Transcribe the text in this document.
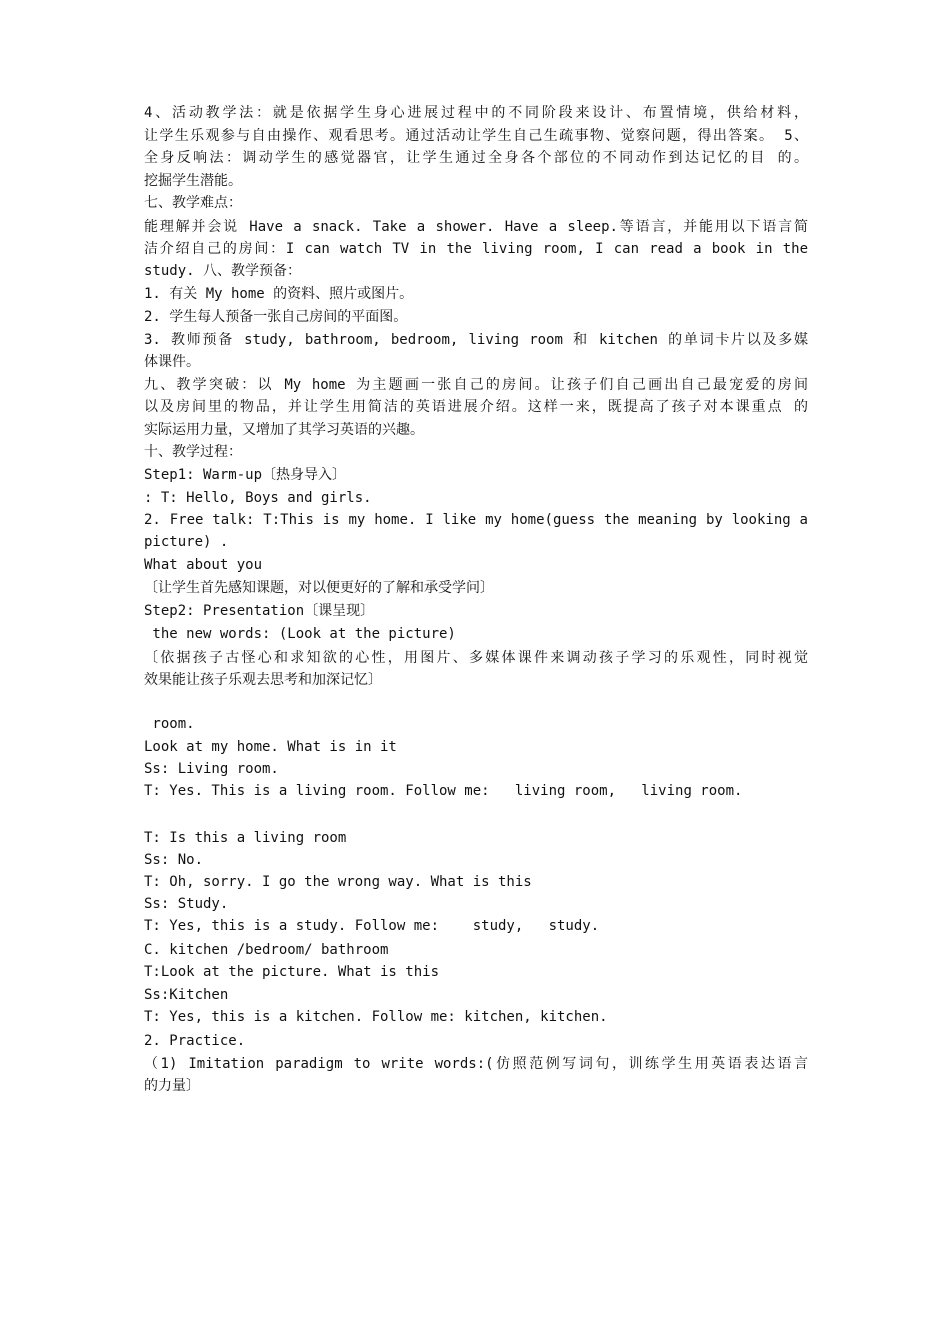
4、活动教学法：就是依据学生身心进展过程中的不同阶段来设计、布置情境，供给材料，
让学生乐观参与自由操作、观看思考。通过活动让学生自己生疏事物、觉察问题，得出答案。 5、
全身反响法：调动学生的感觉器官，让学生通过全身各个部位的不同动作到达记忆的目 的。
挖掘学生潜能。
七、教学难点：
能理解并会说 Have a snack. Take a shower. Have a sleep.等语言，并能用以下语言简
洁介绍自己的房间：I can watch TV in the living room, I can read a book in the
study. 八、教学预备：
1. 有关 My home 的资料、照片或图片。
2. 学生每人预备一张自己房间的平面图。
3. 教师预备 study, bathroom, bedroom, living room 和 kitchen 的单词卡片以及多媒
体课件。
九、教学突破：以 My home 为主题画一张自己的房间。让孩子们自己画出自己最宠爱的房间
以及房间里的物品，并让学生用简洁的英语进展介绍。这样一来，既提高了孩子对本课重点 的
实际运用力量，又增加了其学习英语的兴趣。
十、教学过程：
Step1: Warm-up〔热身导入〕
: T: Hello, Boys and girls.
2. Free talk: T:This is my home. I like my home(guess the meaning by looking a
picture) .
What about you
〔让学生首先感知课题，对以便更好的了解和承受学问〕
Step2: Presentation〔课呈现〕
the new words: (Look at the picture)
〔依据孩子古怪心和求知欲的心性，用图片、多媒体课件来调动孩子学习的乐观性，同时视觉
效果能让孩子乐观去思考和加深记忆〕
room.
Look at my home. What is in it
Ss: Living room.
T: Yes. This is a living room. Follow me:   living room,   living room.
T: Is this a living room
Ss: No.
T: Oh, sorry. I go the wrong way. What is this
Ss: Study.
T: Yes, this is a study. Follow me:    study,   study.
C. kitchen /bedroom/ bathroom
T:Look at the picture. What is this
Ss:Kitchen
T: Yes, this is a kitchen. Follow me: kitchen, kitchen.
2. Practice.
（1) Imitation paradigm to write words:(仿照范例写词句，训练学生用英语表达语言
的力量〕
